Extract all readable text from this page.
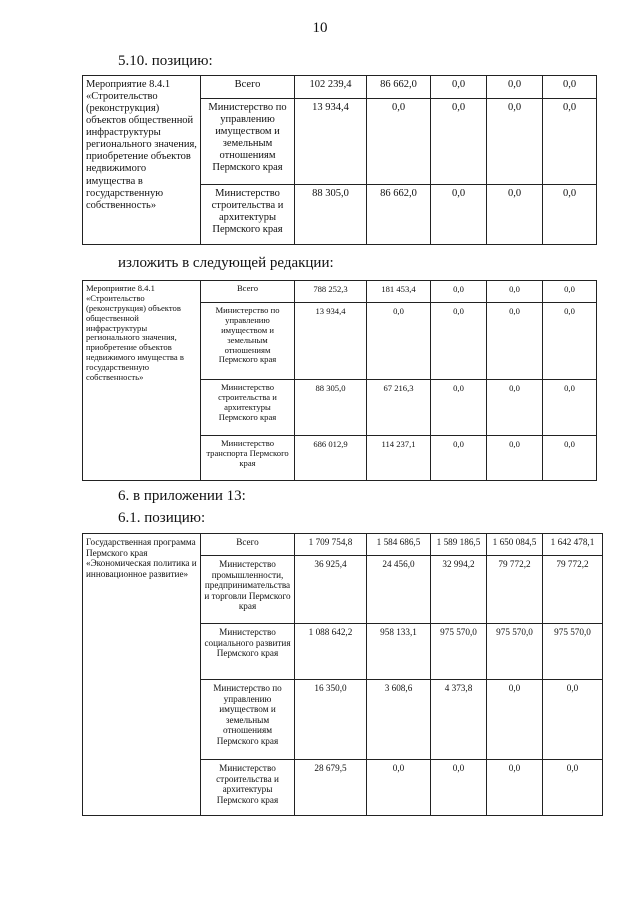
10
5.10. позицию:
Мероприятие 8.4.1 «Строительство (реконструкция) объектов общественной инфраструктуры регионального значения, приобретение объектов недвижимого имущества в государственную собственность»	Всего	102 239,4	86 662,0	0,0	0,0	0,0
	Министерство по управлению имуществом и земельным отношениям Пермского края	13 934,4	0,0	0,0	0,0	0,0
	Министерство строительства и архитектуры Пермского края	88 305,0	86 662,0	0,0	0,0	0,0
изложить в следующей редакции:
Мероприятие 8.4.1 «Строительство (реконструкция) объектов общественной инфраструктуры регионального значения, приобретение объектов недвижимого имущества в государственную собственность»	Всего	788 252,3	181 453,4	0,0	0,0	0,0
	Министерство по управлению имуществом и земельным отношениям Пермского края	13 934,4	0,0	0,0	0,0	0,0
	Министерство строительства и архитектуры Пермского края	88 305,0	67 216,3	0,0	0,0	0,0
	Министерство транспорта Пермского края	686 012,9	114 237,1	0,0	0,0	0,0
6. в приложении 13:
6.1. позицию:
Государственная программа Пермского края «Экономическая политика и инновационное развитие»	Всего	1 709 754,8	1 584 686,5	1 589 186,5	1 650 084,5	1 642 478,1
	Министерство промышленности, предпринимательства и торговли Пермского края	36 925,4	24 456,0	32 994,2	79 772,2	79 772,2
	Министерство социального развития Пермского края	1 088 642,2	958 133,1	975 570,0	975 570,0	975 570,0
	Министерство по управлению имуществом и земельным отношениям Пермского края	16 350,0	3 608,6	4 373,8	0,0	0,0
	Министерство строительства и архитектуры Пермского края	28 679,5	0,0	0,0	0,0	0,0
